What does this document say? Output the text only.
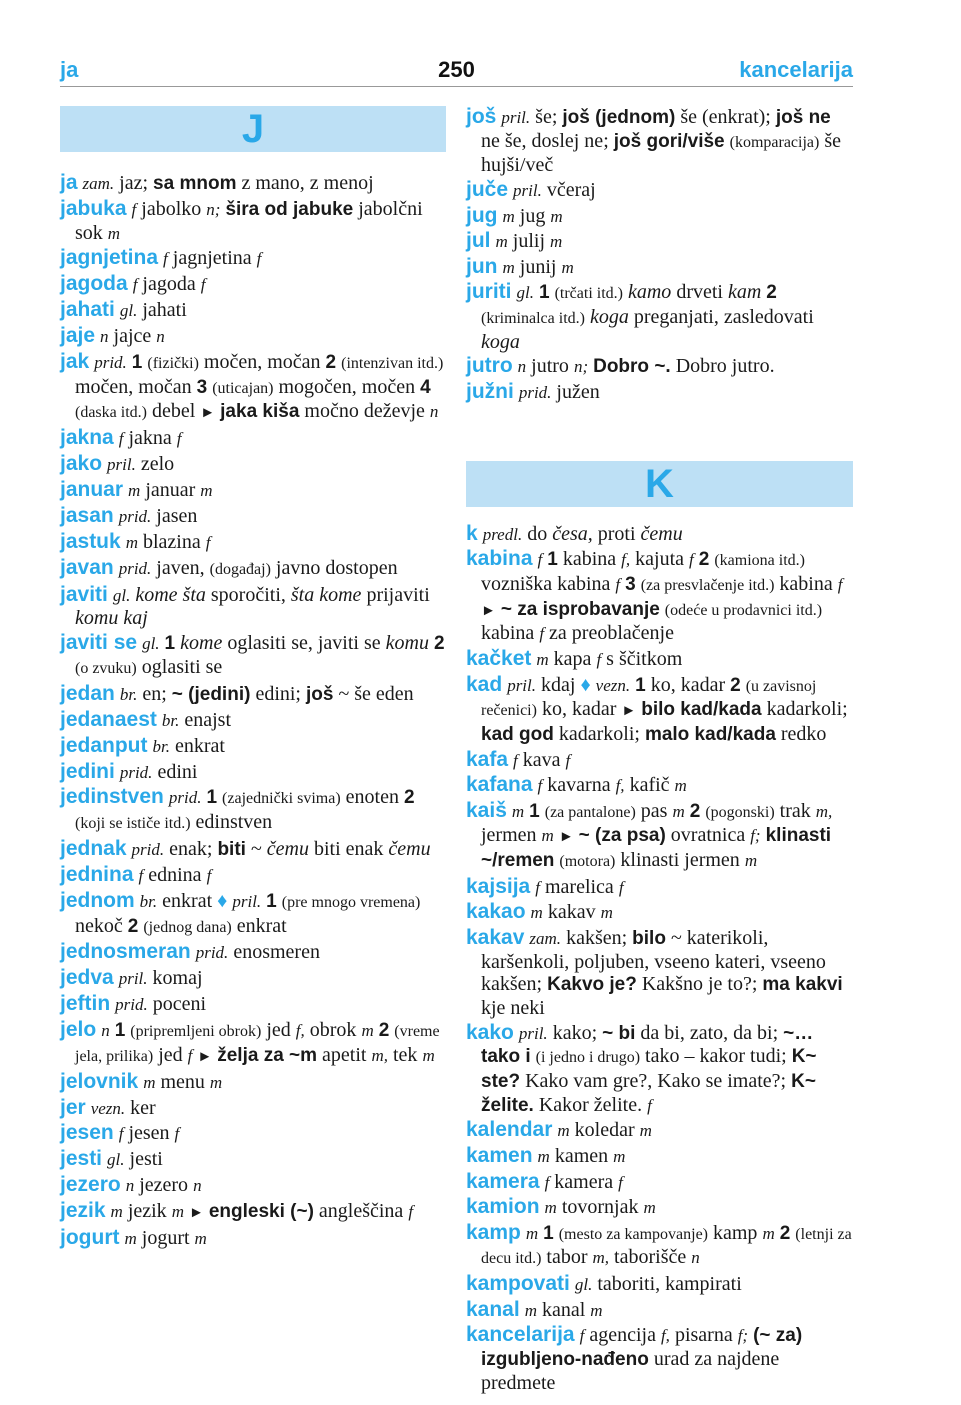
ja	250	kancelarija
J

ja zam. jaz; sa mnom z mano, z menoj

jabuka f jabolko n; šira od jabuke jabolčni sok m

jagnjetina f jagnjetina f

jagoda f jagoda f

jahati gl. jahati

jaje n jajce n

jak prid. 1 (fizički) močen, močan 2 (intenzivan itd.) močen, močan 3 (uticajan) mogočen, močen 4 (daska itd.) debel ► jaka kiša močno deževje n

jakna f jakna f

jako pril. zelo

januar m januar m

jasan prid. jasen

jastuk m blazina f

javan prid. javen, (događaj) javno dostopen

javiti gl. kome šta sporočiti, šta kome prijaviti komu kaj

javiti se gl. 1 kome oglasiti se, javiti se komu 2 (o zvuku) oglasiti se

jedan br. en; ~ (jedini) edini; još ~ še eden

jedanaest br. enajst

jedanput br. enkrat

jedini prid. edini

jedinstven prid. 1 (zajednički svima) enoten 2 (koji se ističe itd.) edinstven

jednak prid. enak; biti ~ čemu biti enak čemu

jednina f ednina f

jednom br. enkrat ♦ pril. 1 (pre mnogo vremena) nekoč 2 (jednog dana) enkrat

jednosmeran prid. enosmeren

jedva pril. komaj

jeftin prid. poceni

jelo n 1 (pripremljeni obrok) jed f, obrok m 2 (vreme jela, prilika) jed f ► želja za ~m apetit m, tek m

jelovnik m menu m

jer vezn. ker

jesen f jesen f

jesti gl. jesti

jezero n jezero n

jezik m jezik m ► engleski (~) angleščina f

jogurt m jogurt m

još pril. še; još (jednom) še (enkrat); još ne ne še, doslej ne; još gori/više (komparacija) še hujši/več

juče pril. včeraj

jug m jug m

jul m julij m

jun m junij m

juriti gl. 1 (trčati itd.) kamo drveti kam 2 (kriminalca itd.) koga preganjati, zasledovati koga

jutro n jutro n; Dobro ~. Dobro jutro.

južni prid. južen

K

k predl. do česa, proti čemu

kabina f 1 kabina f, kajuta f 2 (kamiona itd.) vozniška kabina f 3 (za presvlačenje itd.) kabina f ► ~ za isprobavanje (odeće u prodavnici itd.) kabina f za preoblačenje

kačket m kapa f s ščitkom

kad pril. kdaj ♦ vezn. 1 ko, kadar 2 (u zavisnoj rečenici) ko, kadar ► bilo kad/kada kadarkoli; kad god kadarkoli; malo kad/kada redko

kafa f kava f

kafana f kavarna f, kafič m

kaiš m 1 (za pantalone) pas m 2 (pogonski) trak m, jermen m ► ~ (za psa) ovratnica f; klinasti ~/remen (motora) klinasti jermen m

kajsija f marelica f

kakao m kakav m

kakav zam. kakšen; bilo ~ katerikoli, karšenkoli, poljuben, vseeno kateri, vseeno kakšen; Kakvo je? Kakšno je to?; ma kakvi kje neki

kako pril. kako; ~ bi da bi, zato, da bi; ~… tako i (i jedno i drugo) tako – kakor tudi; K~ ste? Kako vam gre?, Kako se imate?; K~ želite. Kakor želite. f

kalendar m koledar m

kamen m kamen m

kamera f kamera f

kamion m tovornjak m

kamp m 1 (mesto za kampovanje) kamp m 2 (letnji za decu itd.) tabor m, taborišče n

kampovati gl. taboriti, kampirati

kanal m kanal m

kancelarija f agencija f, pisarna f; (~ za) izgubljeno-nađeno urad za najdene predmete
